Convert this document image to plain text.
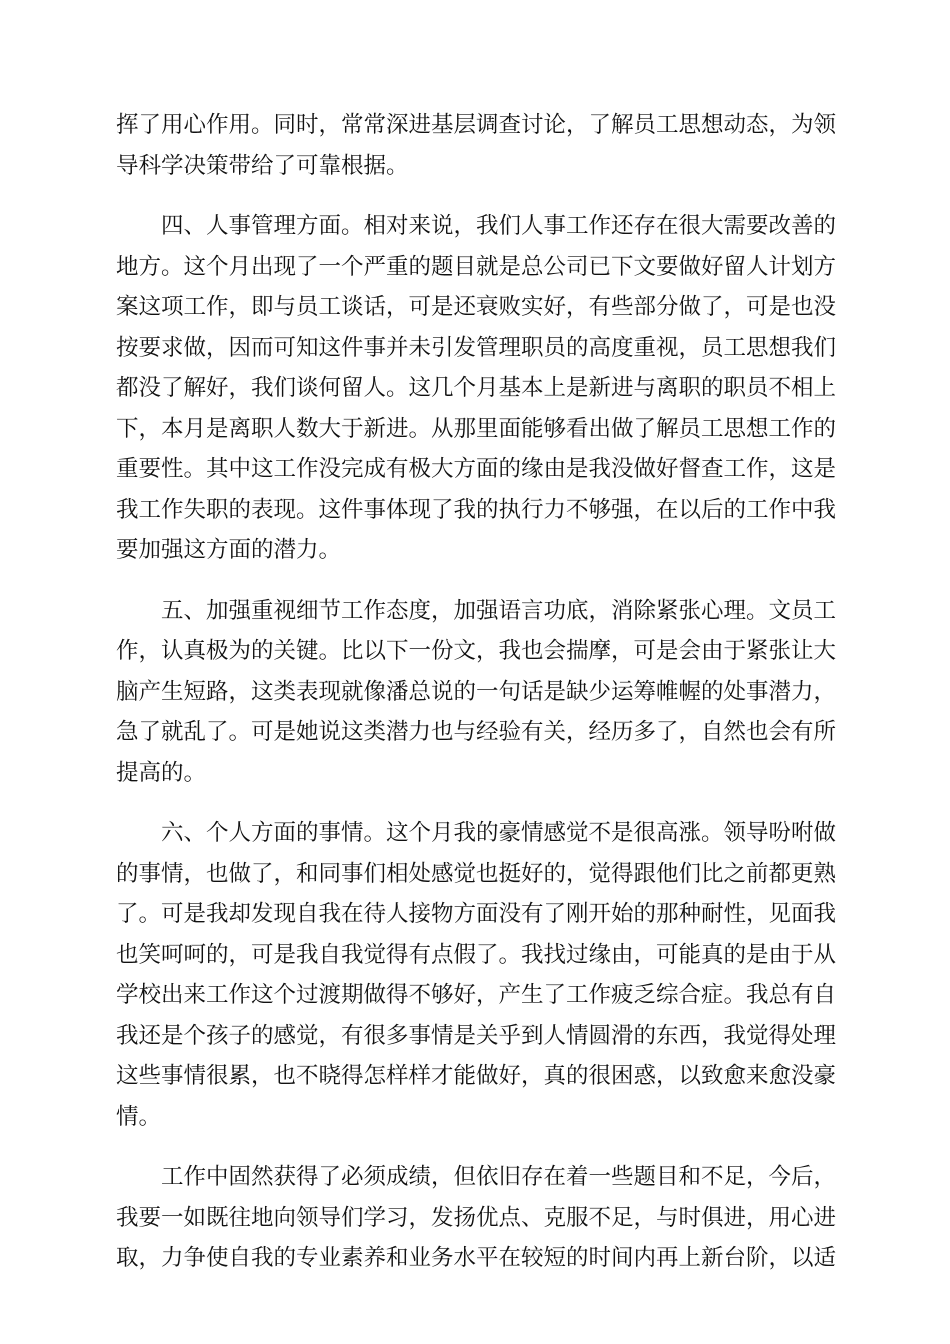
挥了用心作用。同时，常常深进基层调查讨论，了解员工思想动态，为领导科学决策带给了可靠根据。

四、人事管理方面。相对来说，我们人事工作还存在很大需要改善的地方。这个月出现了一个严重的题目就是总公司已下文要做好留人计划方案这项工作，即与员工谈话，可是还衰败实好，有些部分做了，可是也没按要求做，因而可知这件事并未引发管理职员的高度重视，员工思想我们都没了解好，我们谈何留人。这几个月基本上是新进与离职的职员不相上下，本月是离职人数大于新进。从那里面能够看出做了解员工思想工作的重要性。其中这工作没完成有极大方面的缘由是我没做好督查工作，这是我工作失职的表现。这件事体现了我的执行力不够强，在以后的工作中我要加强这方面的潜力。

五、加强重视细节工作态度，加强语言功底，消除紧张心理。文员工作，认真极为的关键。比以下一份文，我也会揣摩，可是会由于紧张让大脑产生短路，这类表现就像潘总说的一句话是缺少运筹帷幄的处事潜力，急了就乱了。可是她说这类潜力也与经验有关，经历多了，自然也会有所提高的。

六、个人方面的事情。这个月我的豪情感觉不是很高涨。领导吩咐做的事情，也做了，和同事们相处感觉也挺好的，觉得跟他们比之前都更熟了。可是我却发现自我在待人接物方面没有了刚开始的那种耐性，见面我也笑呵呵的，可是我自我觉得有点假了。我找过缘由，可能真的是由于从学校出来工作这个过渡期做得不够好，产生了工作疲乏综合症。我总有自我还是个孩子的感觉，有很多事情是关乎到人情圆滑的东西，我觉得处理这些事情很累，也不晓得怎样样才能做好，真的很困惑，以致愈来愈没豪情。

工作中固然获得了必须成绩，但依旧存在着一些题目和不足，今后，我要一如既往地向领导们学习，发扬优点、克服不足，与时俱进，用心进取，力争使自我的专业素养和业务水平在较短的时间内再上新台阶，以适
